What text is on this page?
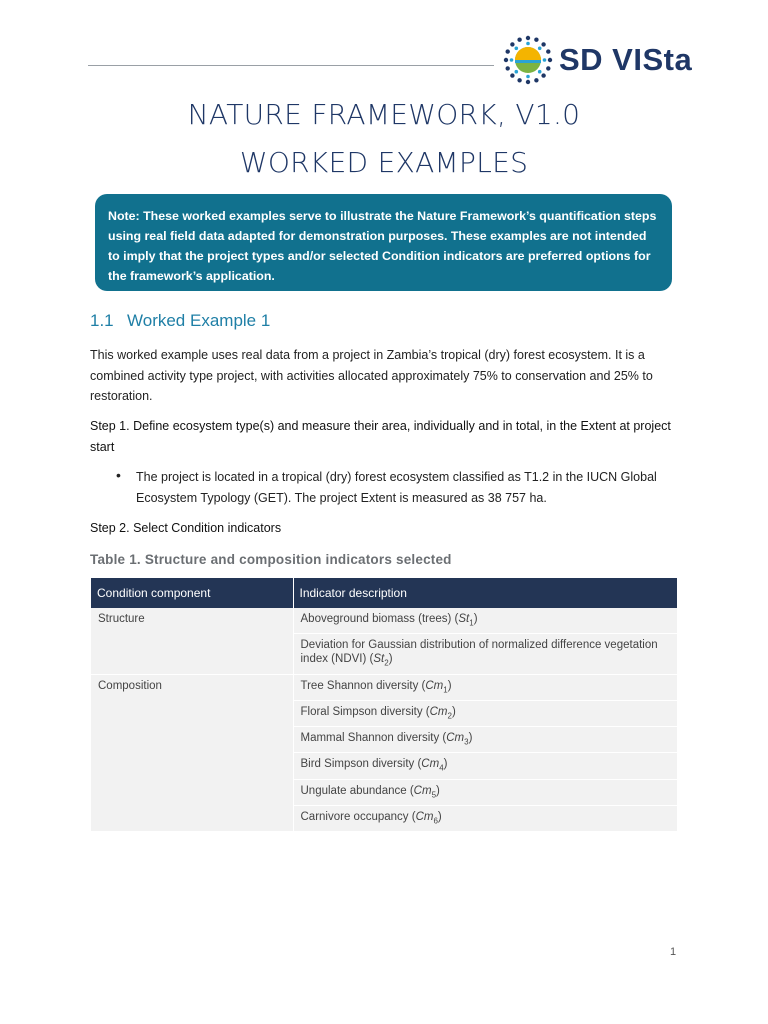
SD VISta
NATURE FRAMEWORK, V1.0
WORKED EXAMPLES
Note: These worked examples serve to illustrate the Nature Framework’s quantification steps using real field data adapted for demonstration purposes. These examples are not intended to imply that the project types and/or selected Condition indicators are preferred options for the framework’s application.
1.1 Worked Example 1
This worked example uses real data from a project in Zambia’s tropical (dry) forest ecosystem. It is a combined activity type project, with activities allocated approximately 75% to conservation and 25% to restoration.
Step 1. Define ecosystem type(s) and measure their area, individually and in total, in the Extent at project start
• The project is located in a tropical (dry) forest ecosystem classified as T1.2 in the IUCN Global Ecosystem Typology (GET). The project Extent is measured as 38 757 ha.
Step 2. Select Condition indicators
Table 1. Structure and composition indicators selected
Condition component	Indicator description
Structure	Aboveground biomass (trees) $(St_1)$
	Deviation for Gaussian distribution of normalized difference vegetation index (NDVI) $(St_2)$
Composition	Tree Shannon diversity $(Cm_1)$
	Floral Simpson diversity $(Cm_2)$
	Mammal Shannon diversity $(Cm_3)$
	Bird Simpson diversity $(Cm_4)$
	Ungulate abundance $(Cm_5)$
	Carnivore occupancy $(Cm_6)$
1
